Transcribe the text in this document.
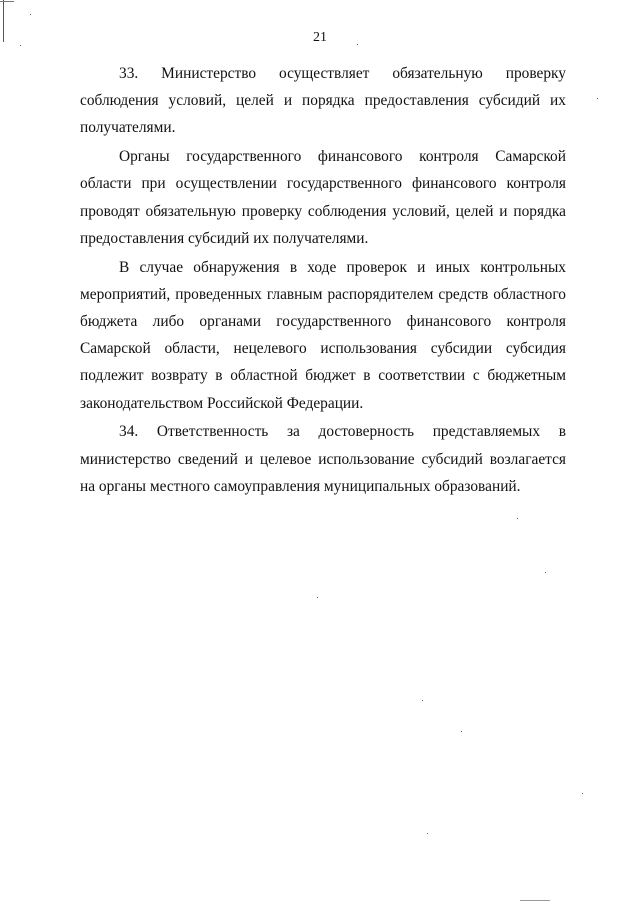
21

33. Министерство осуществляет обязательную проверку соблюдения условий, целей и порядка предоставления субсидий их получателями.

Органы государственного финансового контроля Самарской области при осуществлении государственного финансового контроля проводят обязательную проверку соблюдения условий, целей и порядка предоставления субсидий их получателями.

В случае обнаружения в ходе проверок и иных контрольных мероприятий, проведенных главным распорядителем средств областного бюджета либо органами государственного финансового контроля Самарской области, нецелевого использования субсидии субсидия подлежит возврату в областной бюджет в соответствии с бюджетным законодательством Российской Федерации.

34. Ответственность за достоверность представляемых в министерство сведений и целевое использование субсидий возлагается на органы местного самоуправления муниципальных образований.
